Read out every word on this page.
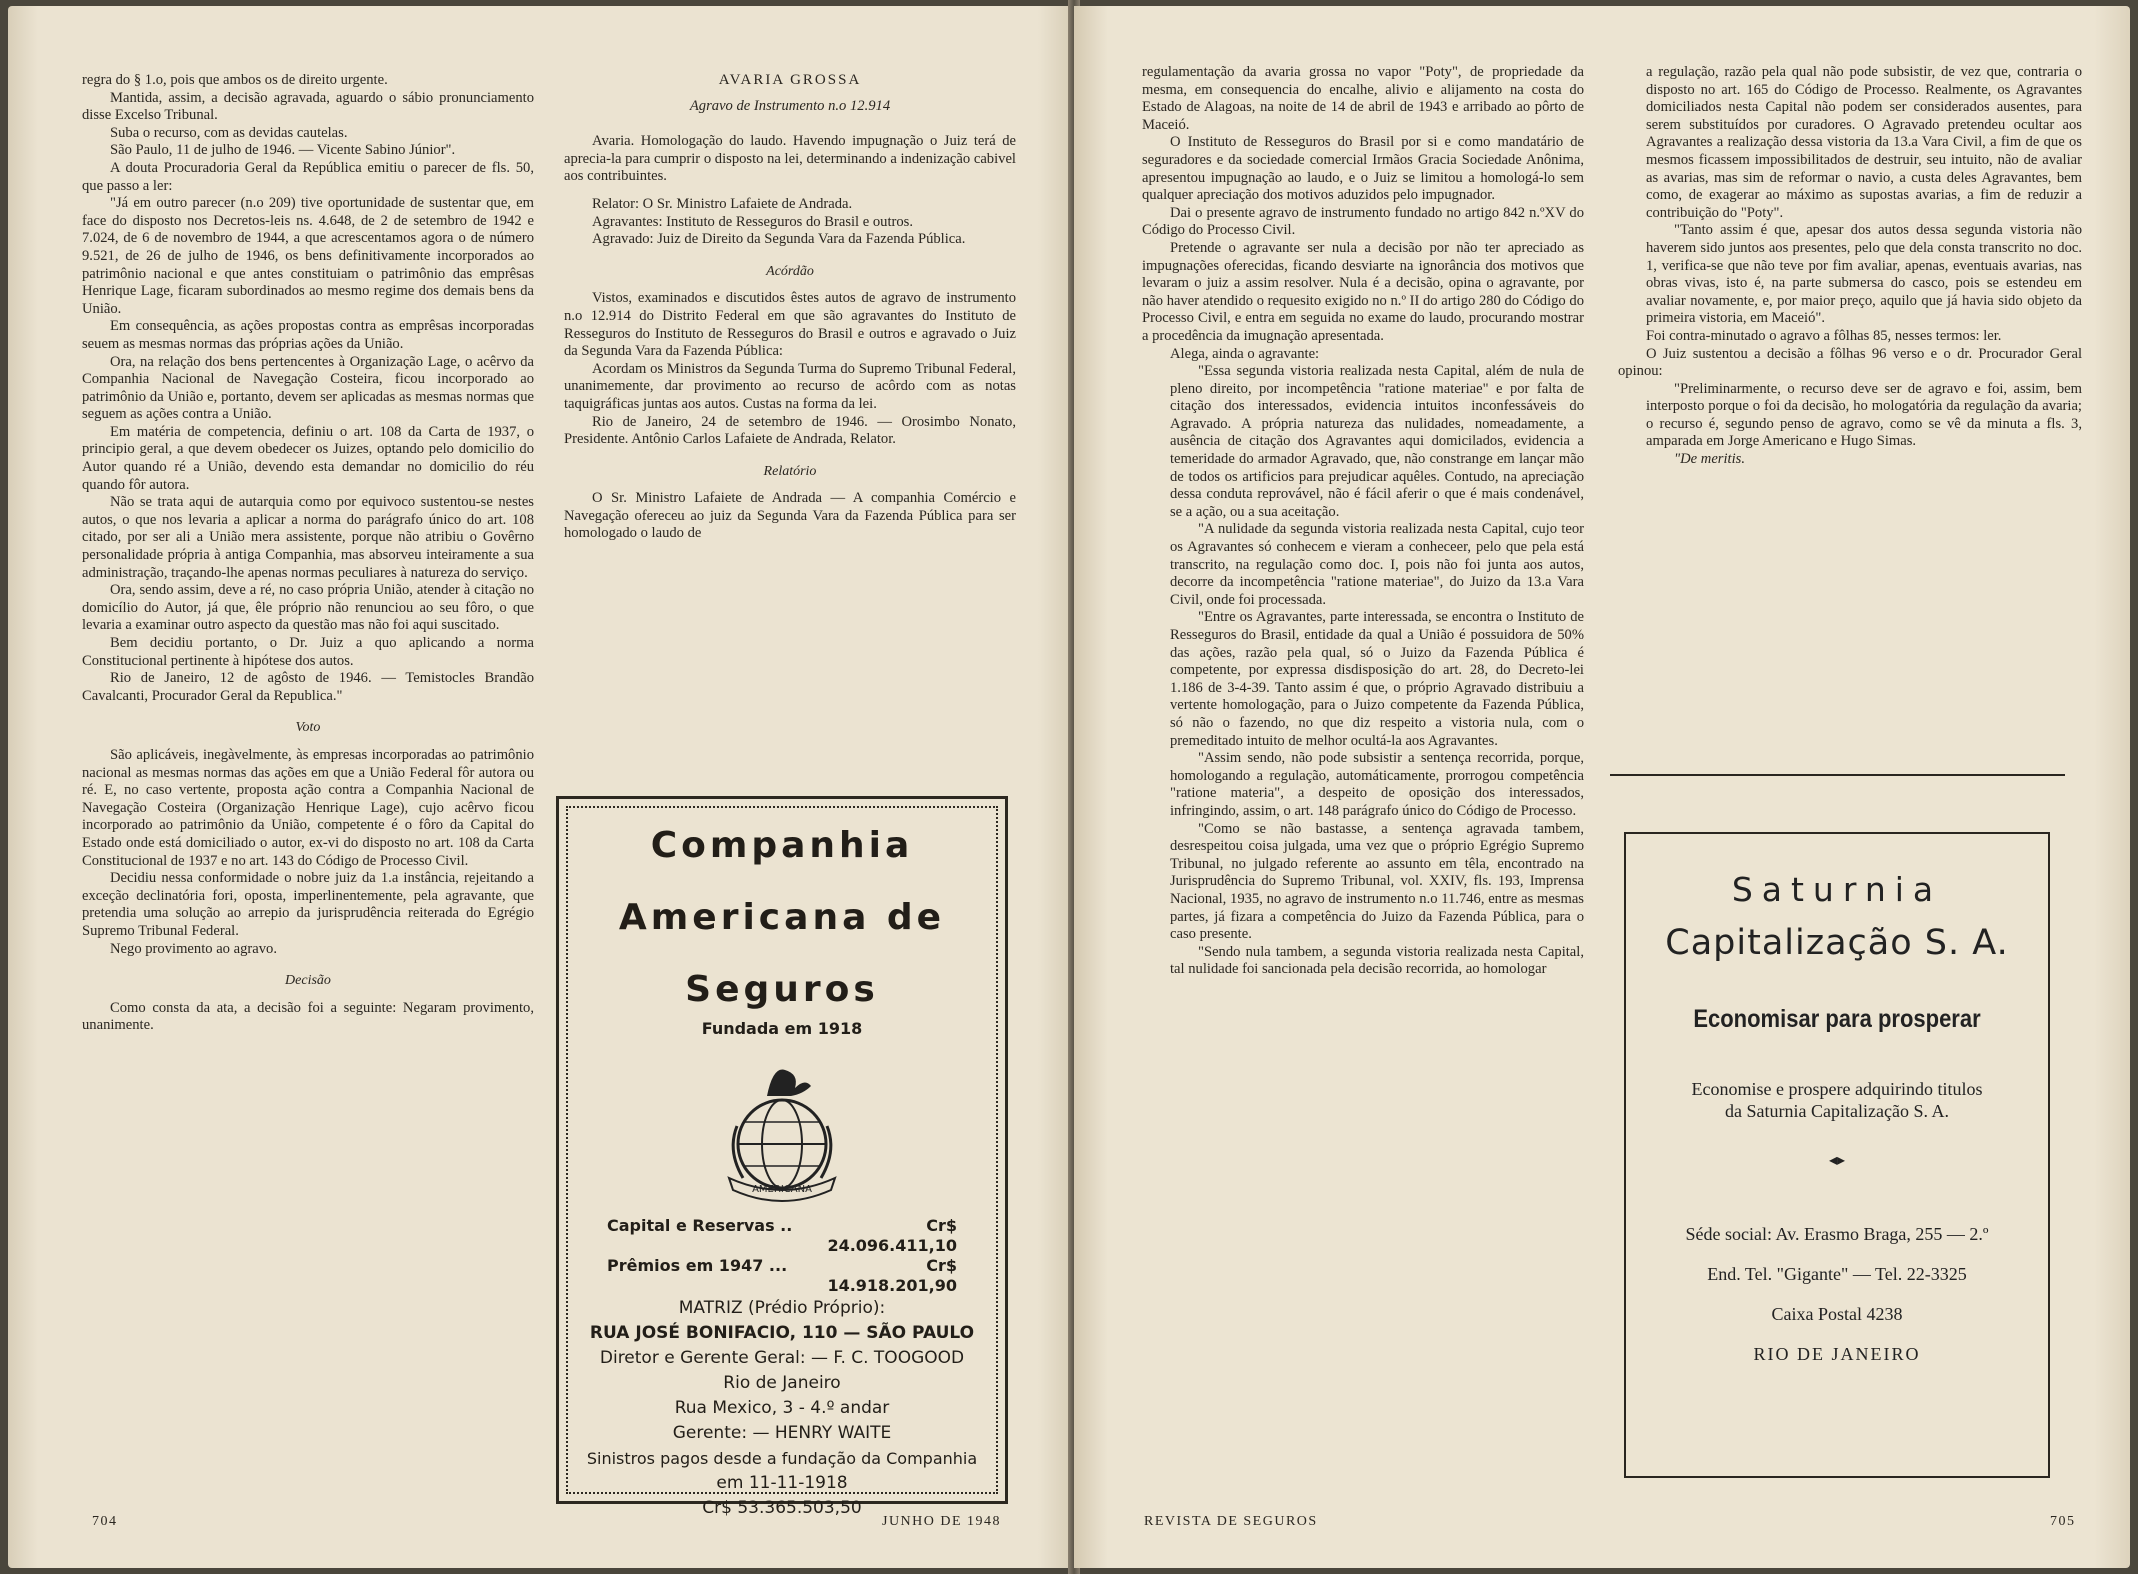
regra do § 1.o, pois que ambos os de direito urgente.

Mantida, assim, a decisão agravada, aguardo o sábio pronunciamento disse Excelso Tribunal.

Suba o recurso, com as devidas cautelas.

São Paulo, 11 de julho de 1946. — Vicente Sabino Júnior".

A douta Procuradoria Geral da República emitiu o parecer de fls. 50, que passo a ler:

"Já em outro parecer (n.o 209) tive oportunidade de sustentar que, em face do disposto nos Decretos-leis ns. 4.648, de 2 de setembro de 1942 e 7.024, de 6 de novembro de 1944, a que acrescentamos agora o de número 9.521, de 26 de julho de 1946, os bens definitivamente incorporados ao patrimônio nacional e que antes constituiam o patrimônio das emprêsas Henrique Lage, ficaram subordinados ao mesmo regime dos demais bens da União.

Em consequência, as ações propostas contra as emprêsas incorporadas seuem as mesmas normas das próprias ações da União.

Ora, na relação dos bens pertencentes à Organização Lage, o acêrvo da Companhia Nacional de Navegação Costeira, ficou incorporado ao patrimônio da União e, portanto, devem ser aplicadas as mesmas normas que seguem as ações contra a União.

Em matéria de competencia, definiu o art. 108 da Carta de 1937, o principio geral, a que devem obedecer os Juizes, optando pelo domicilio do Autor quando ré a União, devendo esta demandar no domicilio do réu quando fôr autora.

Não se trata aqui de autarquia como por equivoco sustentou-se nestes autos, o que nos levaria a aplicar a norma do parágrafo único do art. 108 citado, por ser ali a União mera assistente, porque não atribiu o Govêrno personalidade própria à antiga Companhia, mas absorveu inteiramente a sua administração, traçando-lhe apenas normas peculiares à natureza do serviço.

Ora, sendo assim, deve a ré, no caso própria União, atender à citação no domicílio do Autor, já que, êle próprio não renunciou ao seu fôro, o que levaria a examinar outro aspecto da questão mas não foi aqui suscitado.

Bem decidiu portanto, o Dr. Juiz a quo aplicando a norma Constitucional pertinente à hipótese dos autos.

Rio de Janeiro, 12 de agôsto de 1946. — Temistocles Brandão Cavalcanti, Procurador Geral da Republica."

Voto

São aplicáveis, inegàvelmente, às empresas incorporadas ao patrimônio nacional as mesmas normas das ações em que a União Federal fôr autora ou ré. E, no caso vertente, proposta ação contra a Companhia Nacional de Navegação Costeira (Organização Henrique Lage), cujo acêrvo ficou incorporado ao patrimônio da União, competente é o fôro da Capital do Estado onde está domiciliado o autor, ex-vi do disposto no art. 108 da Carta Constitucional de 1937 e no art. 143 do Código de Processo Civil.

Decidiu nessa conformidade o nobre juiz da 1.a instância, rejeitando a exceção declinatória fori, oposta, imperlinentemente, pela agravante, que pretendia uma solução ao arrepio da jurisprudência reiterada do Egrégio Supremo Tribunal Federal.

Nego provimento ao agravo.

Decisão

Como consta da ata, a decisão foi a seguinte: Negaram provimento, unanimente.

AVARIA GROSSA

Agravo de Instrumento n.o 12.914

Avaria. Homologação do laudo. Havendo impugnação o Juiz terá de aprecia-la para cumprir o disposto na lei, determinando a indenização cabivel aos contribuintes.

Relator: O Sr. Ministro Lafaiete de Andrada.

Agravantes: Instituto de Resseguros do Brasil e outros.

Agravado: Juiz de Direito da Segunda Vara da Fazenda Pública.

Acórdão

Vistos, examinados e discutidos êstes autos de agravo de instrumento n.o 12.914 do Distrito Federal em que são agravantes do Instituto de Resseguros do Instituto de Resseguros do Brasil e outros e agravado o Juiz da Segunda Vara da Fazenda Pública:

Acordam os Ministros da Segunda Turma do Supremo Tribunal Federal, unanimemente, dar provimento ao recurso de acôrdo com as notas taquigráficas juntas aos autos. Custas na forma da lei.

Rio de Janeiro, 24 de setembro de 1946. — Orosimbo Nonato, Presidente. Antônio Carlos Lafaiete de Andrada, Relator.

Relatório

O Sr. Ministro Lafaiete de Andrada — A companhia Comércio e Navegação ofereceu ao juiz da Segunda Vara da Fazenda Pública para ser homologado o laudo de

704	JUNHO DE 1948
Companhia
Americana de
Seguros
Fundada em 1918
AMERICANA
Capital e Reservas ..	Cr$ 24.096.411,10
Prêmios em 1947 ...	Cr$ 14.918.201,90
MATRIZ (Prédio Próprio):
RUA JOSÉ BONIFACIO, 110 — SÃO PAULO
Diretor e Gerente Geral: — F. C. TOOGOOD
Rio de Janeiro
Rua Mexico, 3 - 4.º andar
Gerente: — HENRY WAITE
Sinistros pagos desde a fundação da Companhia
em 11-11-1918
Cr$ 53.365.503,50

regulamentação da avaria grossa no vapor "Poty", de propriedade da mesma, em consequencia do encalhe, alivio e alijamento na costa do Estado de Alagoas, na noite de 14 de abril de 1943 e arribado ao pôrto de Maceió.

O Instituto de Resseguros do Brasil por si e como mandatário de seguradores e da sociedade comercial Irmãos Gracia Sociedade Anônima, apresentou impugnação ao laudo, e o Juiz se limitou a homologá-lo sem qualquer apreciação dos motivos aduzidos pelo impugnador.

Dai o presente agravo de instrumento fundado no artigo 842 n.ºXV do Código do Processo Civil.

Pretende o agravante ser nula a decisão por não ter apreciado as impugnações oferecidas, ficando desviarte na ignorância dos motivos que levaram o juiz a assim resolver. Nula é a decisão, opina o agravante, por não haver atendido o requesito exigido no n.º II do artigo 280 do Código do Processo Civil, e entra em seguida no exame do laudo, procurando mostrar a procedência da imugnação apresentada.

Alega, ainda o agravante:

"Essa segunda vistoria realizada nesta Capital, além de nula de pleno direito, por incompetência "ratione materiae" e por falta de citação dos interessados, evidencia intuitos inconfessáveis do Agravado. A própria natureza das nulidades, nomeadamente, a ausência de citação dos Agravantes aqui domicilados, evidencia a temeridade do armador Agravado, que, não constrange em lançar mão de todos os artificios para prejudicar aquêles. Contudo, na apreciação dessa conduta reprovável, não é fácil aferir o que é mais condenável, se a ação, ou a sua aceitação.

"A nulidade da segunda vistoria realizada nesta Capital, cujo teor os Agravantes só conhecem e vieram a conheceer, pelo que pela está transcrito, na regulação como doc. I, pois não foi junta aos autos, decorre da incompetência "ratione materiae", do Juizo da 13.a Vara Civil, onde foi processada.

"Entre os Agravantes, parte interessada, se encontra o Instituto de Resseguros do Brasil, entidade da qual a União é possuidora de 50% das ações, razão pela qual, só o Juizo da Fazenda Pública é competente, por expressa disdisposição do art. 28, do Decreto-lei 1.186 de 3-4-39. Tanto assim é que, o próprio Agravado distribuiu a vertente homologação, para o Juizo competente da Fazenda Pública, só não o fazendo, no que diz respeito a vistoria nula, com o premeditado intuito de melhor ocultá-la aos Agravantes.

"Assim sendo, não pode subsistir a sentença recorrida, porque, homologando a regulação, automáticamente, prorrogou competência "ratione materia", a despeito de oposição dos interessados, infringindo, assim, o art. 148 parágrafo único do Código de Processo.

"Como se não bastasse, a sentença agravada tambem, desrespeitou coisa julgada, uma vez que o próprio Egrégio Supremo Tribunal, no julgado referente ao assunto em têla, encontrado na Jurisprudência do Supremo Tribunal, vol. XXIV, fls. 193, Imprensa Nacional, 1935, no agravo de instrumento n.o 11.746, entre as mesmas partes, já fizara a competência do Juizo da Fazenda Pública, para o caso presente.

"Sendo nula tambem, a segunda vistoria realizada nesta Capital, tal nulidade foi sancionada pela decisão recorrida, ao homologar

a regulação, razão pela qual não pode subsistir, de vez que, contraria o disposto no art. 165 do Código de Processo. Realmente, os Agravantes domiciliados nesta Capital não podem ser considerados ausentes, para serem substituídos por curadores. O Agravado pretendeu ocultar aos Agravantes a realização dessa vistoria da 13.a Vara Civil, a fim de que os mesmos ficassem impossibilitados de destruir, seu intuito, não de avaliar as avarias, mas sim de reformar o navio, a custa deles Agravantes, bem como, de exagerar ao máximo as supostas avarias, a fim de reduzir a contribuição do "Poty".

"Tanto assim é que, apesar dos autos dessa segunda vistoria não haverem sido juntos aos presentes, pelo que dela consta transcrito no doc. 1, verifica-se que não teve por fim avaliar, apenas, eventuais avarias, nas obras vivas, isto é, na parte submersa do casco, pois se estendeu em avaliar novamente, e, por maior preço, aquilo que já havia sido objeto da primeira vistoria, em Maceió".

Foi contra-minutado o agravo a fôlhas 85, nesses termos: ler.

O Juiz sustentou a decisão a fôlhas 96 verso e o dr. Procurador Geral opinou:

"Preliminarmente, o recurso deve ser de agravo e foi, assim, bem interposto porque o foi da decisão, ho mologatória da regulação da avaria; o recurso é, segundo penso de agravo, como se vê da minuta a fls. 3, amparada em Jorge Americano e Hugo Simas.

"De meritis.

REVISTA DE SEGUROS	705
Saturnia
Capitalização S. A.
Economisar para prosperar
Economise e prospere adquirindo titulos
da Saturnia Capitalização S. A.
◂▸
Séde social: Av. Erasmo Braga, 255 — 2.º
End. Tel. "Gigante" — Tel. 22-3325
Caixa Postal 4238
RIO DE JANEIRO
